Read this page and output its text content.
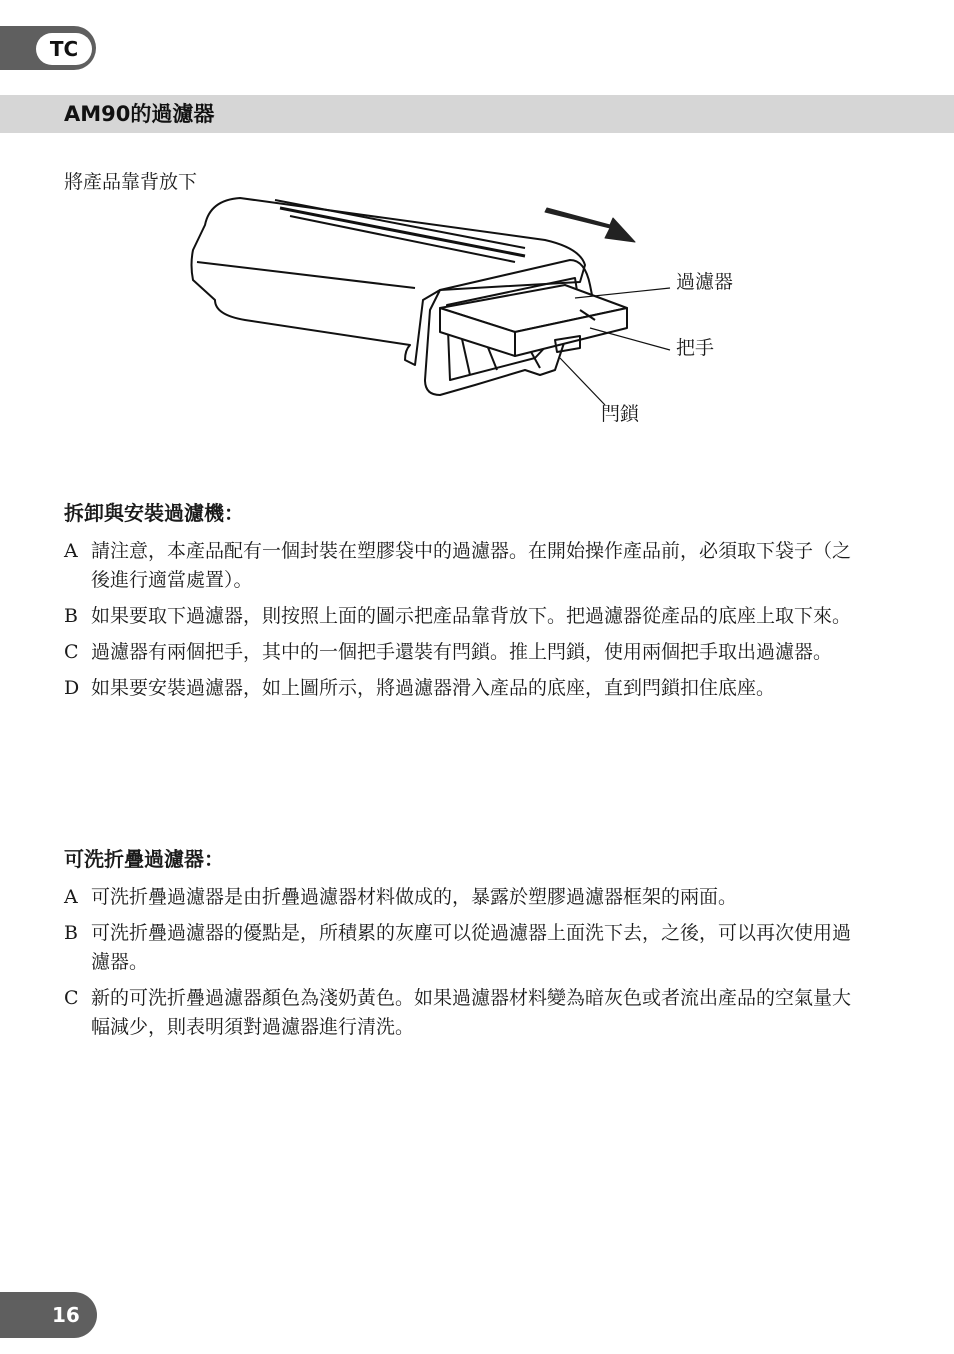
TC
AM90的過濾器
將產品靠背放下
過濾器
把手
閂鎖
拆卸與安裝過濾機：
A 請注意，本產品配有一個封裝在塑膠袋中的過濾器。在開始操作產品前，必須取下袋子（之後進行適當處置）。
B 如果要取下過濾器，則按照上面的圖示把產品靠背放下。把過濾器從產品的底座上取下來。
C 過濾器有兩個把手，其中的一個把手還裝有閂鎖。推上閂鎖，使用兩個把手取出過濾器。
D 如果要安裝過濾器，如上圖所示，將過濾器滑入產品的底座，直到閂鎖扣住底座。
可洗折疊過濾器：
A 可洗折疊過濾器是由折疊過濾器材料做成的，暴露於塑膠過濾器框架的兩面。
B 可洗折疊過濾器的優點是，所積累的灰塵可以從過濾器上面洗下去，之後，可以再次使用過濾器。
C 新的可洗折疊過濾器顏色為淺奶黃色。如果過濾器材料變為暗灰色或者流出產品的空氣量大幅減少，則表明須對過濾器進行清洗。
16
